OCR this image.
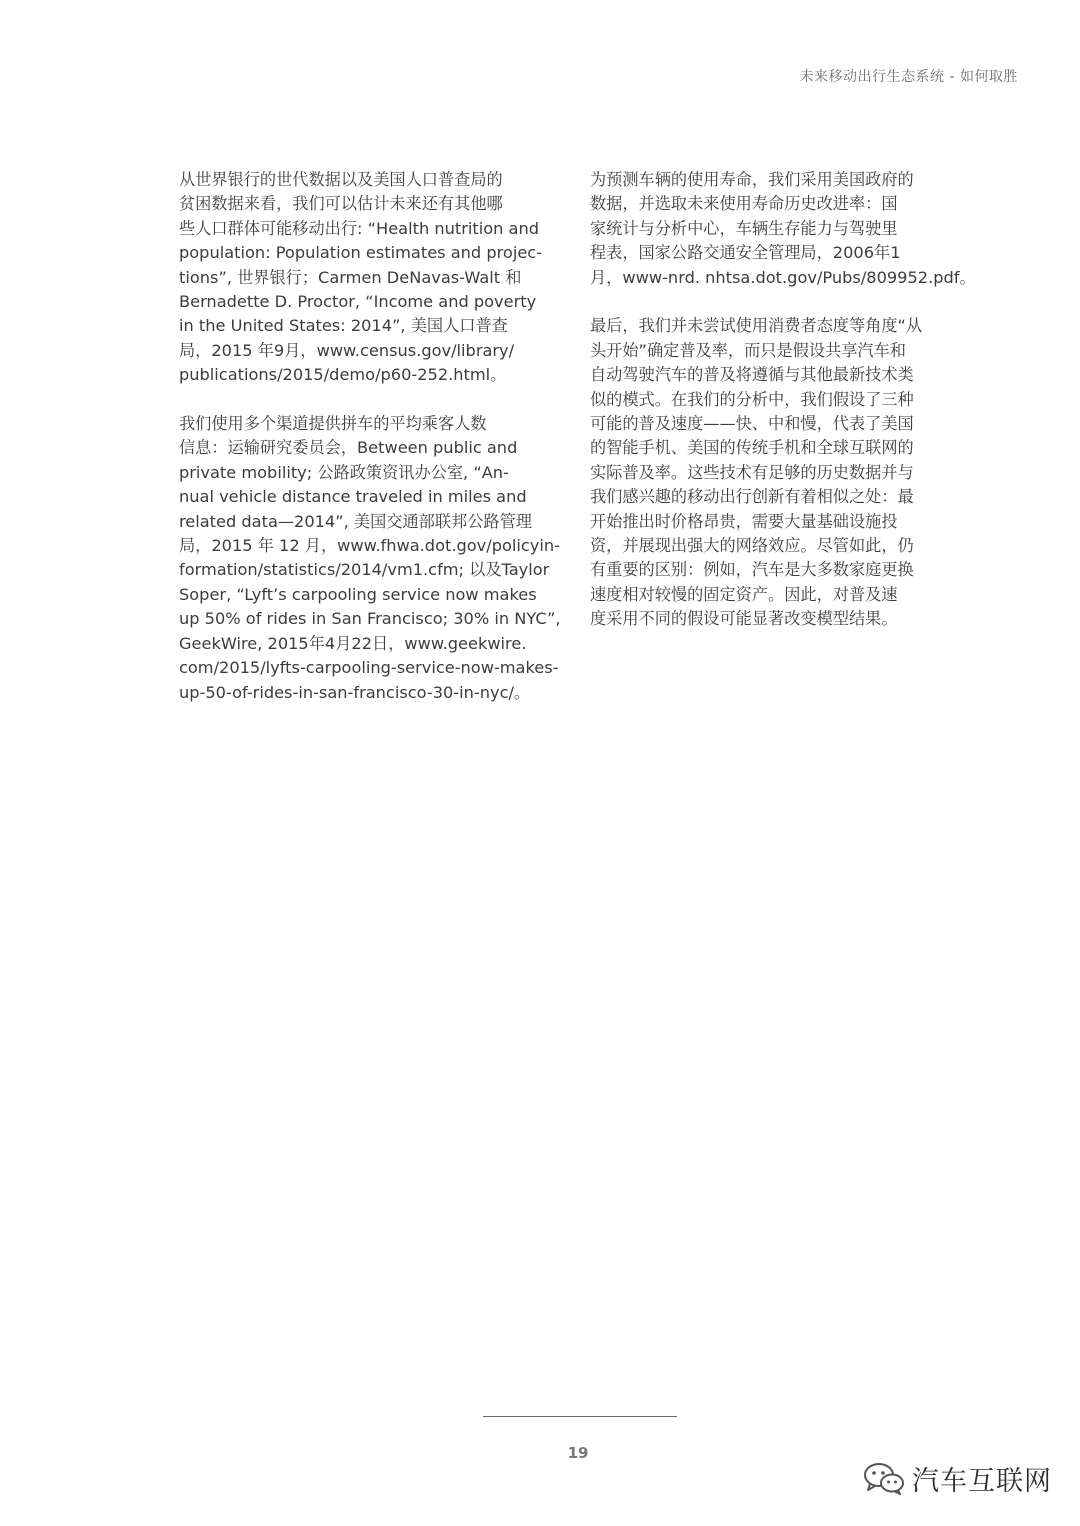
未来移动出行生态系统 - 如何取胜

从世界银行的世代数据以及美国人口普查局的
贫困数据来看，我们可以估计未来还有其他哪
些人口群体可能移动出行: “Health nutrition and
population: Population estimates and projec-
tions”, 世界银行；Carmen DeNavas-Walt 和
Bernadette D. Proctor, “Income and poverty
in the United States: 2014”, 美国人口普查
局，2015 年9月，www.census.gov/library/
publications/2015/demo/p60-252.html。

我们使用多个渠道提供拼车的平均乘客人数
信息：运输研究委员会，Between public and
private mobility; 公路政策资讯办公室, “An-
nual vehicle distance traveled in miles and
related data—2014”, 美国交通部联邦公路管理
局，2015 年 12 月，www.fhwa.dot.gov/policyin-
formation/statistics/2014/vm1.cfm; 以及Taylor
Soper, “Lyft’s carpooling service now makes
up 50% of rides in San Francisco; 30% in NYC”,
GeekWire, 2015年4月22日，www.geekwire.
com/2015/lyfts-carpooling-service-now-makes-
up-50-of-rides-in-san-francisco-30-in-nyc/。

为预测车辆的使用寿命，我们采用美国政府的
数据，并选取未来使用寿命历史改进率：国
家统计与分析中心，车辆生存能力与驾驶里
程表，国家公路交通安全管理局，2006年1
月，www-nrd. nhtsa.dot.gov/Pubs/809952.pdf。

最后，我们并未尝试使用消费者态度等角度“从
头开始”确定普及率，而只是假设共享汽车和
自动驾驶汽车的普及将遵循与其他最新技术类
似的模式。在我们的分析中，我们假设了三种
可能的普及速度——快、中和慢，代表了美国
的智能手机、美国的传统手机和全球互联网的
实际普及率。这些技术有足够的历史数据并与
我们感兴趣的移动出行创新有着相似之处：最
开始推出时价格昂贵，需要大量基础设施投
资，并展现出强大的网络效应。尽管如此，仍
有重要的区别：例如，汽车是大多数家庭更换
速度相对较慢的固定资产。因此，对普及速
度采用不同的假设可能显著改变模型结果。

19
汽车互联网
